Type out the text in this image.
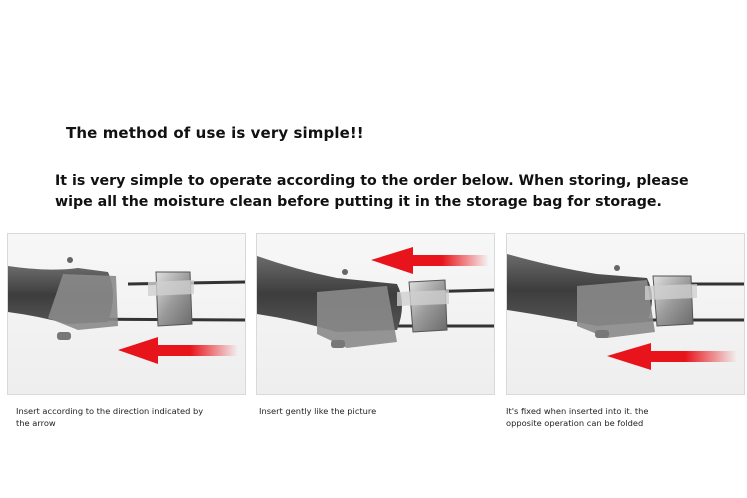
The method of use is very simple!!
It is very simple to operate according to the order below. When storing, please
wipe all the moisture clean before putting it in the storage bag for storage.
Insert according to the direction indicated by
the arrow
Insert gently like the picture	It's fixed when inserted into it. the
opposite operation can be folded
